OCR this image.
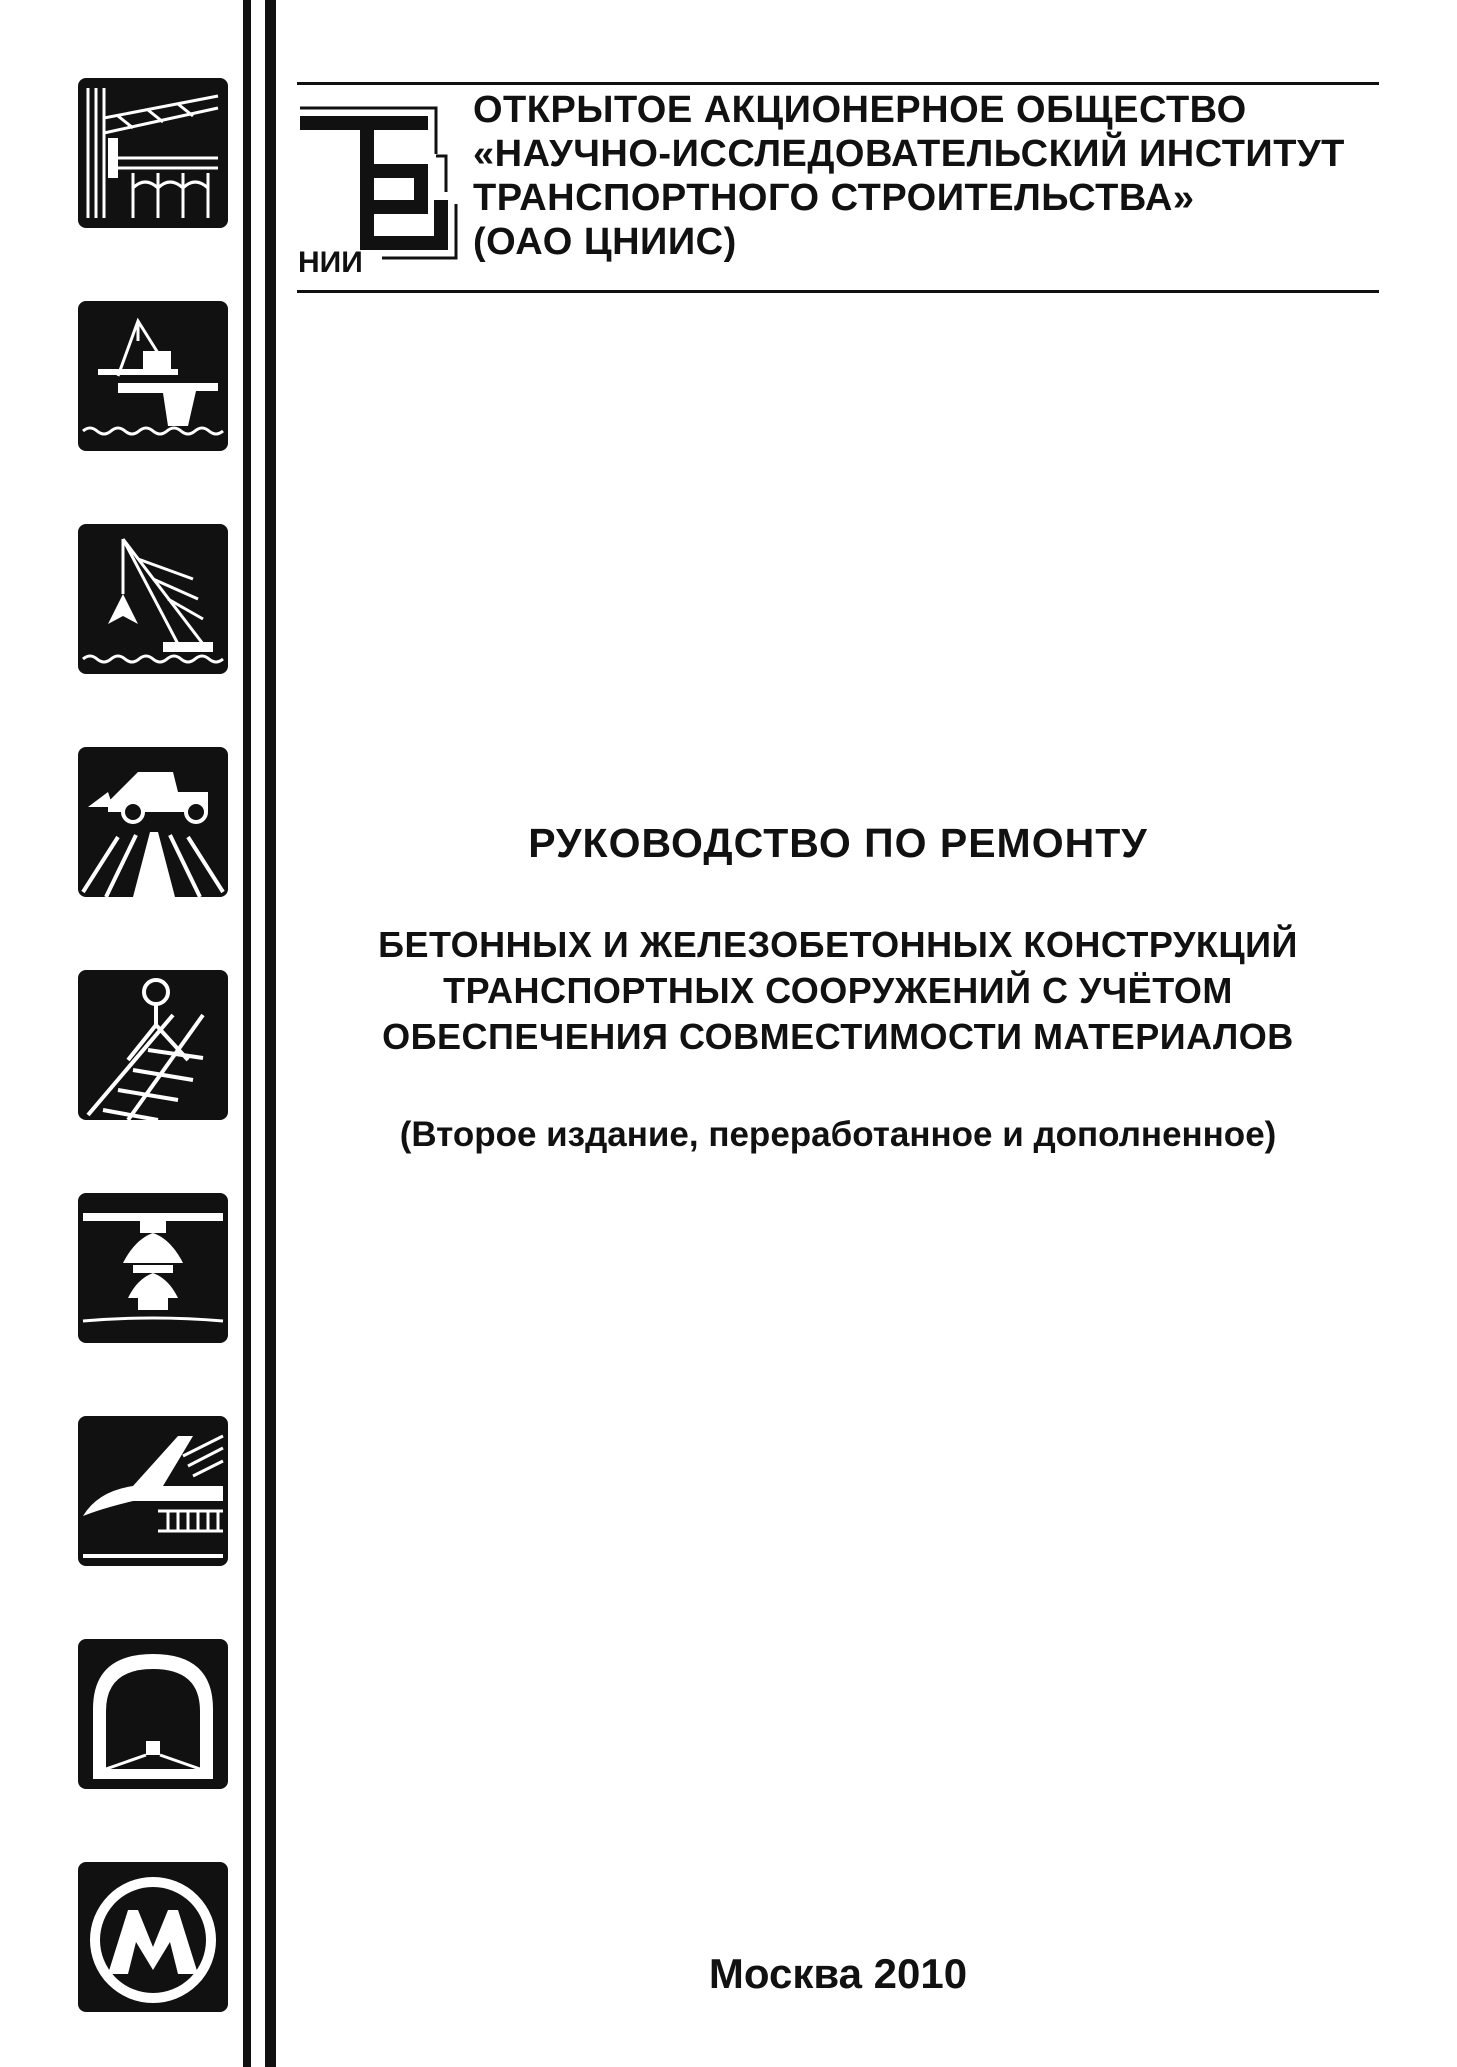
НИИ
ОТКРЫТОЕ АКЦИОНЕРНОЕ ОБЩЕСТВО
«НАУЧНО-ИССЛЕДОВАТЕЛЬСКИЙ ИНСТИТУТ
ТРАНСПОРТНОГО СТРОИТЕЛЬСТВА»
(ОАО ЦНИИС)
РУКОВОДСТВО ПО РЕМОНТУ
БЕТОННЫХ И ЖЕЛЕЗОБЕТОННЫХ КОНСТРУКЦИЙ
ТРАНСПОРТНЫХ СООРУЖЕНИЙ С УЧЁТОМ
ОБЕСПЕЧЕНИЯ СОВМЕСТИМОСТИ МАТЕРИАЛОВ
(Второе издание, переработанное и дополненное)
Москва 2010
